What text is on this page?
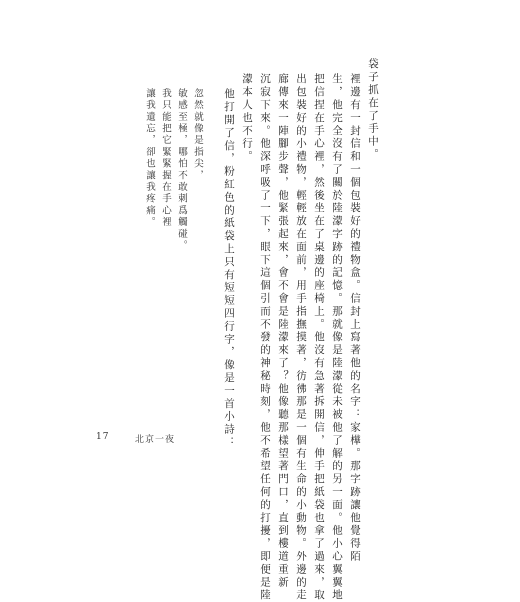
袋子抓在了手中。
裡邊有一封信和一個包裝好的禮物盒。信封上寫著他的名字：家樺。那字跡讓他覺得陌
生，他完全沒有了關於陸濛字跡的記憶。那就像是陸濛從未被他了解的另一面。他小心翼翼地
把信捏在手心裡，然後坐在了桌邊的座椅上。他沒有急著拆開信，伸手把紙袋也拿了過來，取
出包裝好的小禮物，輕輕放在面前，用手指撫摸著，彷彿那是一個有生命的小動物。外邊的走
廊傳來一陣腳步聲，他緊張起來，會不會是陸濛來了？他像聽那樣望著門口，直到樓道重新
沉寂下來。他深呼吸了一下，眼下這個引而不發的神秘時刻，他不希望任何的打擾，即便是陸
濛本人也不行。
他打開了信，粉紅色的紙袋上只有短短四行字，像是一首小詩：
忽然就像是指尖，
敏感至極，哪怕不敢刺爲觸碰。
我只能把它緊緊握在手心裡
讓我遺忘，卻也讓我疼痛。
17	北京一夜
